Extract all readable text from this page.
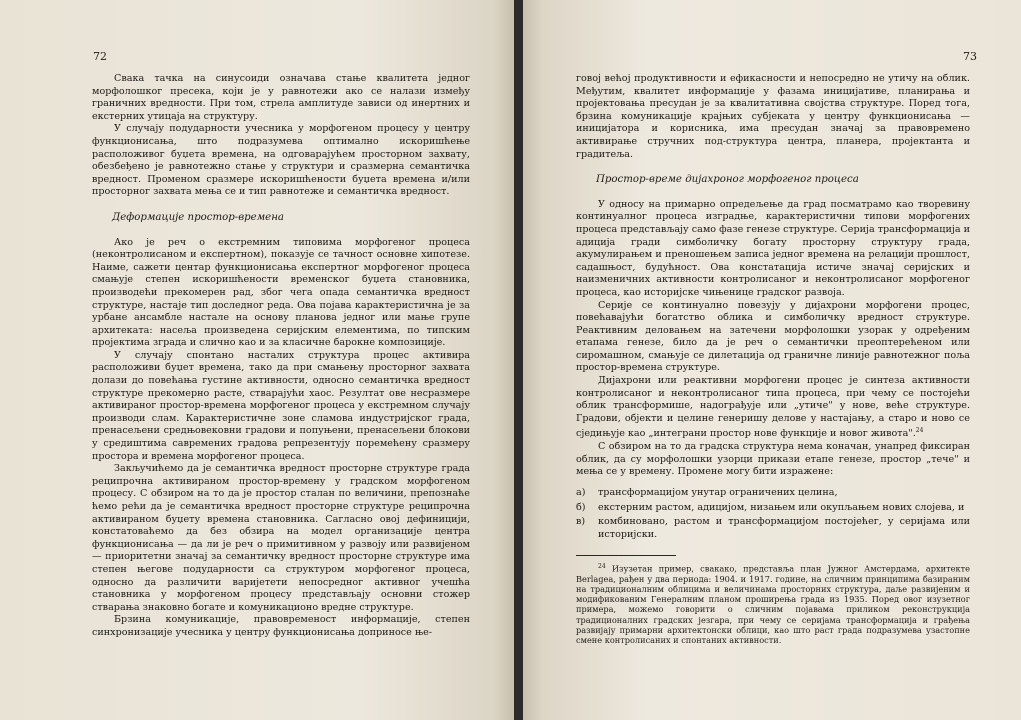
72

Свака тачка на синусоиди означава стање квалитета једног морфолошког пресека, који је у равнотежи ако се налази између граничних вредности. При том, стрела амплитуде зависи од инертних и екстерних утицаја на структуру.

У случају подударности учесника у морфогеном процесу у центру функционисања, што подразумева оптимално искоришћење расположивог буџета времена, на одговарајућем просторном захвату, обезбеђено је равнотежно стање у структури и сразмерна семантичка вредност. Променом сразмере искоришћености буџета времена и/или просторног захвата мења се и тип равнотеже и семантичка вредност.

Деформације простор-времена

Ако је реч о екстремним типовима морфогеног процеса (неконтролисаном и експертном), показује се тачност основне хипотезе. Наиме, сажети центар функционисања експертног морфогеног процеса смањује степен искоришћености временског буџета становника, производећи прекомерен рад, због чега опада семантичка вредност структуре, настаје тип доследног реда. Ова појава карактеристична је за урбане ансамбле настале на основу планова једног или мање групе архитеката: насеља произведена серијским елементима, по типским пројектима зграда и слично као и за класичне барокне композиције.

У случају спонтано насталих структура процес активира расположиви буџет времена, тако да при смањењу просторног захвата долази до повећања густине активности, односно семантичка вредност структуре прекомерно расте, стварајући хаос. Резултат ове несразмере активираног простор-времена морфогеног процеса у екстремном случају производи слам. Карактеристичне зоне сламова индустријског града, пренасељени средњовековни градови и попуњени, пренасељени блокови у средиштима савремених градова репрезентују поремећену сразмеру простора и времена морфогеног процеса.

Закључићемо да је семантичка вредност просторне структуре града реципрочна активираном простор-времену у градском морфогеном процесу. С обзиром на то да је простор сталан по величини, препознаће ћемо рећи да је семантичка вредност просторне структуре реципрочна активираном буџету времена становника. Сагласно овој дефиницији, констатоваћемо да без обзира на модел организације центра функционисања — да ли је реч о примитивном у развоју или развијеном — приоритетни значај за семантичку вредност просторне структуре има степен његове подударности са структуром морфогеног процеса, односно да различити варијетети непосредног активног учешћа становника у морфогеном процесу представљају основни стожер стварања знаковно богате и комуникационо вредне структуре.

Брзина комуникације, правовременост информације, степен синхронизације учесника у центру функционисања доприносе ње-

73

говој већој продуктивности и ефикасности и непосредно не утичу на облик. Међутим, квалитет информације у фазама иницијативе, планирања и пројектовања пресудан је за квалитативна својства структуре. Поред тога, брзина комуникације крајњих субјеката у центру функционисања — иницијатора и корисника, има пресудан значај за правовремено активирање стручних под-структура центра, планера, пројектанта и градитеља.

Простор-време дијахроног морфогеног процеса

У односу на примарно опредељење да град посматрамо као творевину континуалног процеса изградње, карактеристични типови морфогених процеса представљају само фазе генезе структуре. Серија трансформација и адиција гради симболичку богату просторну структуру града, акумулирањем и преношењем записа једног времена на релацији прошлост, садашњост, будућност. Ова констатација истиче значај серијских и наизменичних активности контролисаног и неконтролисаног морфогеног процеса, као историјске чињенице градског развоја.

Серије се континуално повезују у дијахрони морфогени процес, повећавајући богатство облика и симболичку вредност структуре. Реактивним деловањем на затечени морфолошки узорак у одређеним етапама генезе, било да је реч о семантички преоптерећеном или сиромашном, смањује се дилетација од граничне линије равнотежног поља простор-времена структуре.

Дијахрони или реактивни морфогени процес је синтеза активности контролисаног и неконтролисаног типа процеса, при чему се постојећи облик трансформише, надограђује или „утиче" у нове, веће структуре. Градови, објекти и целине генеришу делове у настајању, а старо и ново се сједињује као „интеграни простор нове функције и новог живота".$^{24}$

С обзиром на то да градска структура нема коначан, унапред фиксиран облик, да су морфолошки узорци прикази етапе генезе, простор „тече" и мења се у времену. Промене могу бити изражене:

а) трансформацијом унутар ограничених целина,
б) екстерним растом, адицијом, низањем или окупљањем нових слојева, и
в) комбиновано, растом и трансформацијом постојећег, у серијама или историјски.

$^{24}$ Изузетан пример, свакако, представља план Јужног Амстердама, архитекте Berlagea, рађен у два периода: 1904. и 1917. године, на сличним принципима базираним на традиционалним облицима и величинама просторних структура, даље развијеним и модификованим Генералним планом проширења града из 1935. Поред овог изузетног примера, можемо говорити о сличним појавама приликом реконструкција традиционалних градских језгара, при чему се серијама трансформација и грађења развијају примарни архитектонски облици, као што раст града подразумева узастопне смене контролисаних и спонтаних активности.
